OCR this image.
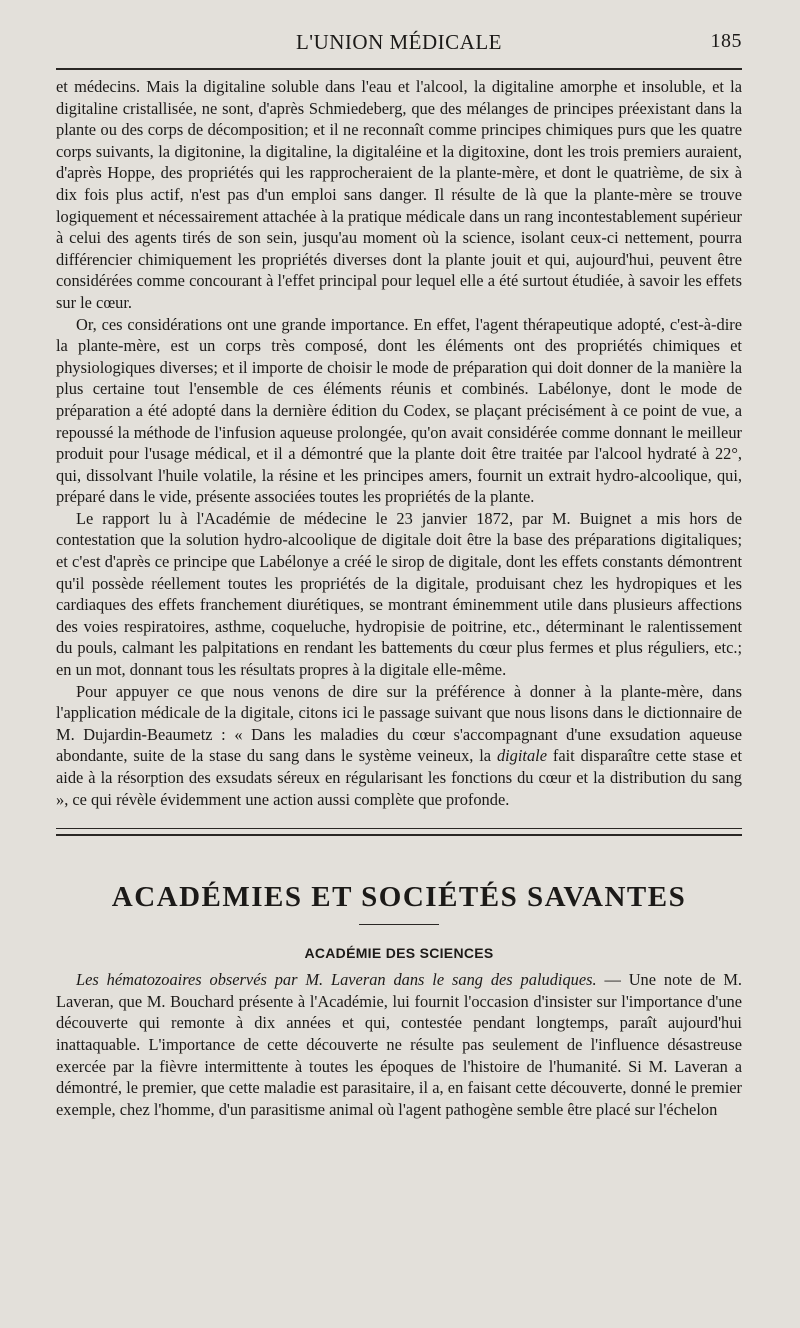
L'UNION MÉDICALE	185

et médecins. Mais la digitaline soluble dans l'eau et l'alcool, la digitaline amorphe et insoluble, et la digitaline cristallisée, ne sont, d'après Schmiedeberg, que des mélanges de principes préexistant dans la plante ou des corps de décomposition; et il ne reconnaît comme principes chimiques purs que les quatre corps suivants, la digitonine, la digitaline, la digitaléine et la digitoxine, dont les trois premiers auraient, d'après Hoppe, des propriétés qui les rapprocheraient de la plante-mère, et dont le quatrième, de six à dix fois plus actif, n'est pas d'un emploi sans danger. Il résulte de là que la plante-mère se trouve logiquement et nécessairement attachée à la pratique médicale dans un rang incontestablement supérieur à celui des agents tirés de son sein, jusqu'au moment où la science, isolant ceux-ci nettement, pourra différencier chimiquement les propriétés diverses dont la plante jouit et qui, aujourd'hui, peuvent être considérées comme concourant à l'effet principal pour lequel elle a été surtout étudiée, à savoir les effets sur le cœur.

Or, ces considérations ont une grande importance. En effet, l'agent thérapeutique adopté, c'est-à-dire la plante-mère, est un corps très composé, dont les éléments ont des propriétés chimiques et physiologiques diverses; et il importe de choisir le mode de préparation qui doit donner de la manière la plus certaine tout l'ensemble de ces éléments réunis et combinés. Labélonye, dont le mode de préparation a été adopté dans la dernière édition du Codex, se plaçant précisément à ce point de vue, a repoussé la méthode de l'infusion aqueuse prolongée, qu'on avait considérée comme donnant le meilleur produit pour l'usage médical, et il a démontré que la plante doit être traitée par l'alcool hydraté à 22°, qui, dissolvant l'huile volatile, la résine et les principes amers, fournit un extrait hydro-alcoolique, qui, préparé dans le vide, présente associées toutes les propriétés de la plante.

Le rapport lu à l'Académie de médecine le 23 janvier 1872, par M. Buignet a mis hors de contestation que la solution hydro-alcoolique de digitale doit être la base des préparations digitaliques; et c'est d'après ce principe que Labélonye a créé le sirop de digitale, dont les effets constants démontrent qu'il possède réellement toutes les propriétés de la digitale, produisant chez les hydropiques et les cardiaques des effets franchement diurétiques, se montrant éminemment utile dans plusieurs affections des voies respiratoires, asthme, coqueluche, hydropisie de poitrine, etc., déterminant le ralentissement du pouls, calmant les palpitations en rendant les battements du cœur plus fermes et plus réguliers, etc.; en un mot, donnant tous les résultats propres à la digitale elle-même.

Pour appuyer ce que nous venons de dire sur la préférence à donner à la plante-mère, dans l'application médicale de la digitale, citons ici le passage suivant que nous lisons dans le dictionnaire de M. Dujardin-Beaumetz : « Dans les maladies du cœur s'accompagnant d'une exsudation aqueuse abondante, suite de la stase du sang dans le système veineux, la digitale fait disparaître cette stase et aide à la résorption des exsudats séreux en régularisant les fonctions du cœur et la distribution du sang », ce qui révèle évidemment une action aussi complète que profonde.

ACADÉMIES ET SOCIÉTÉS SAVANTES
ACADÉMIE DES SCIENCES

Les hématozoaires observés par M. Laveran dans le sang des paludiques. — Une note de M. Laveran, que M. Bouchard présente à l'Académie, lui fournit l'occasion d'insister sur l'importance d'une découverte qui remonte à dix années et qui, contestée pendant longtemps, paraît aujourd'hui inattaquable. L'importance de cette découverte ne résulte pas seulement de l'influence désastreuse exercée par la fièvre intermittente à toutes les époques de l'histoire de l'humanité. Si M. Laveran a démontré, le premier, que cette maladie est parasitaire, il a, en faisant cette découverte, donné le premier exemple, chez l'homme, d'un parasitisme animal où l'agent pathogène semble être placé sur l'échelon
